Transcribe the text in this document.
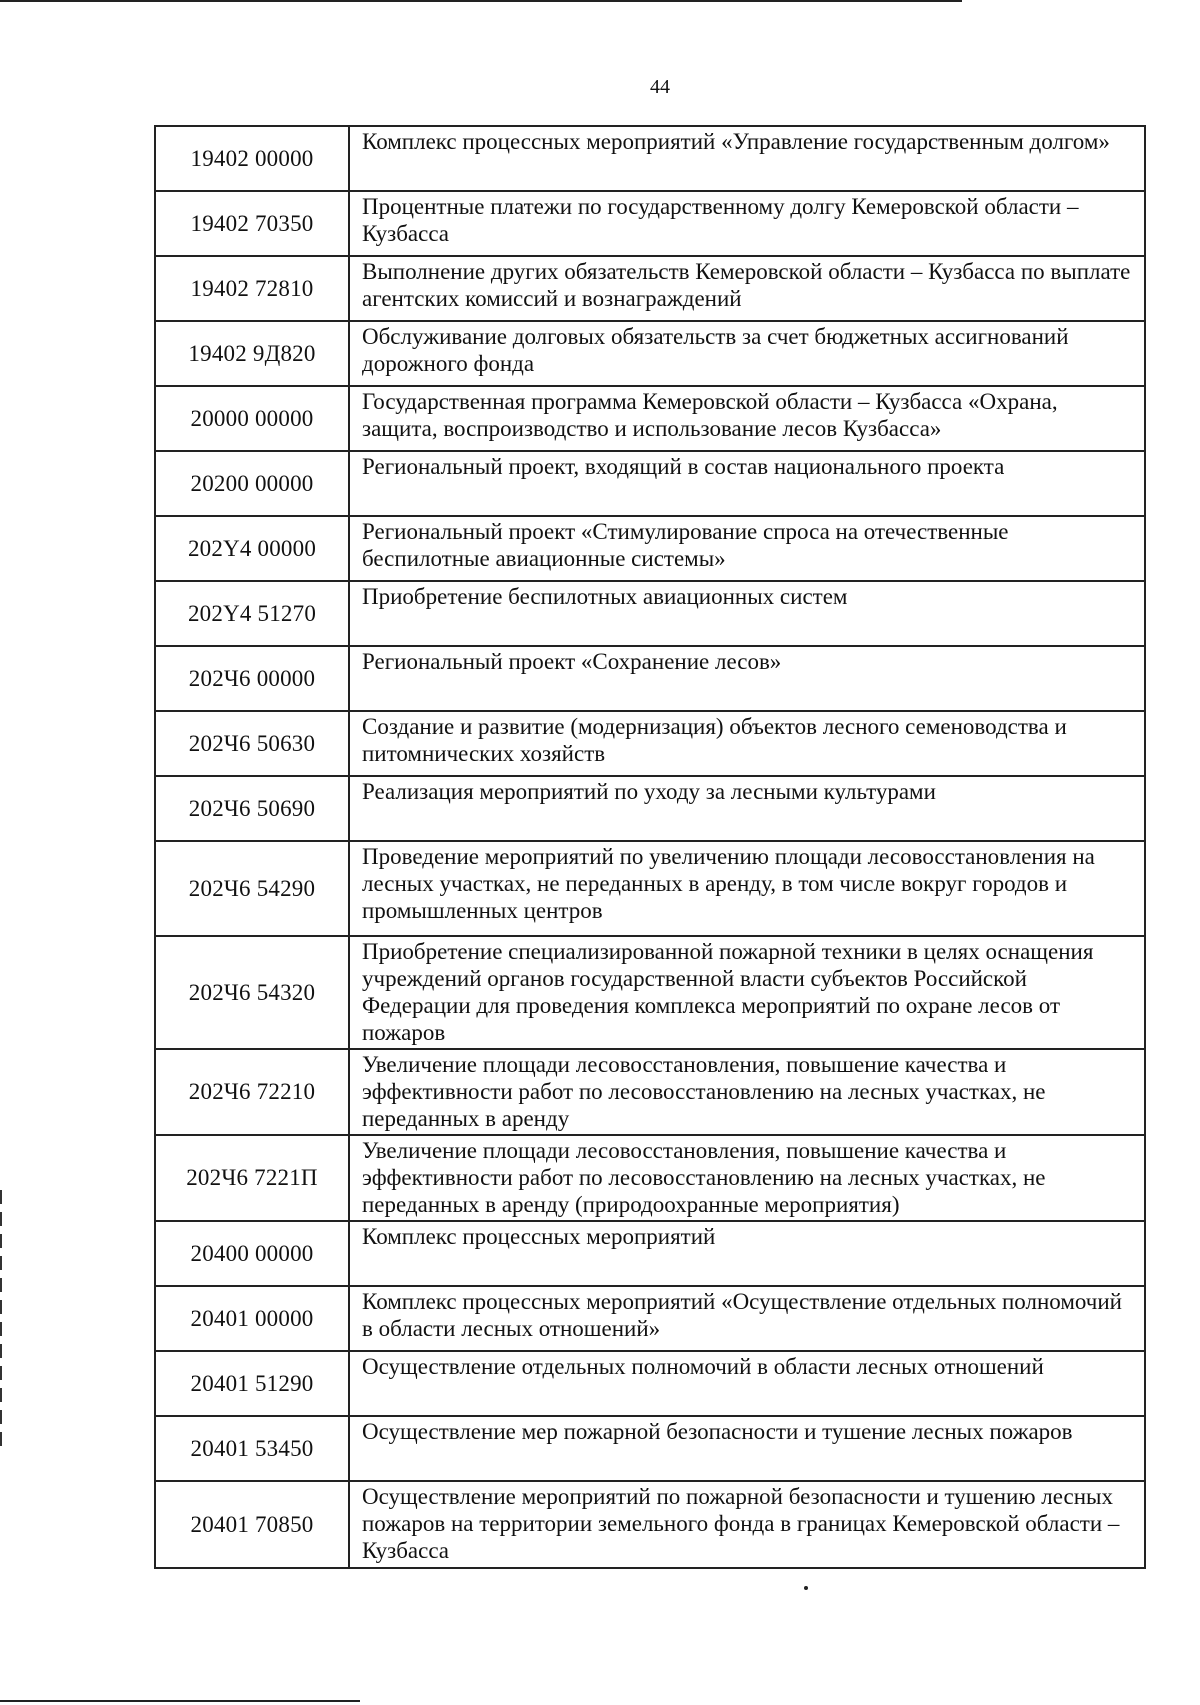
44
19402 00000	Комплекс процессных мероприятий «Управление государственным долгом»
19402 70350	Процентные платежи по государственному долгу Кемеровской области – Кузбасса
19402 72810	Выполнение других обязательств Кемеровской области – Кузбасса по выплате агентских комиссий и вознаграждений
19402 9Д820	Обслуживание долговых обязательств за счет бюджетных ассигнований дорожного фонда
20000 00000	Государственная программа Кемеровской области – Кузбасса «Охрана, защита, воспроизводство и использование лесов Кузбасса»
20200 00000	Региональный проект, входящий в состав национального проекта
202Y4 00000	Региональный проект «Стимулирование спроса на отечественные беспилотные авиационные системы»
202Y4 51270	Приобретение беспилотных авиационных систем
202Ч6 00000	Региональный проект «Сохранение лесов»
202Ч6 50630	Создание и развитие (модернизация) объектов лесного семеноводства и питомнических хозяйств
202Ч6 50690	Реализация мероприятий по уходу за лесными культурами
202Ч6 54290	Проведение мероприятий по увеличению площади лесовосстановления на лесных участках, не переданных в аренду, в том числе вокруг городов и промышленных центров
202Ч6 54320	Приобретение специализированной пожарной техники в целях оснащения учреждений органов государственной власти субъектов Российской Федерации для проведения комплекса мероприятий по охране лесов от пожаров
202Ч6 72210	Увеличение площади лесовосстановления, повышение качества и эффективности работ по лесовосстановлению на лесных участках, не переданных в аренду
202Ч6 7221П	Увеличение площади лесовосстановления, повышение качества и эффективности работ по лесовосстановлению на лесных участках, не переданных в аренду (природоохранные мероприятия)
20400 00000	Комплекс процессных мероприятий
20401 00000	Комплекс процессных мероприятий «Осуществление отдельных полномочий в области лесных отношений»
20401 51290	Осуществление отдельных полномочий в области лесных отношений
20401 53450	Осуществление мер пожарной безопасности и тушение лесных пожаров
20401 70850	Осуществление мероприятий по пожарной безопасности и тушению лесных пожаров на территории земельного фонда в границах Кемеровской области – Кузбасса
